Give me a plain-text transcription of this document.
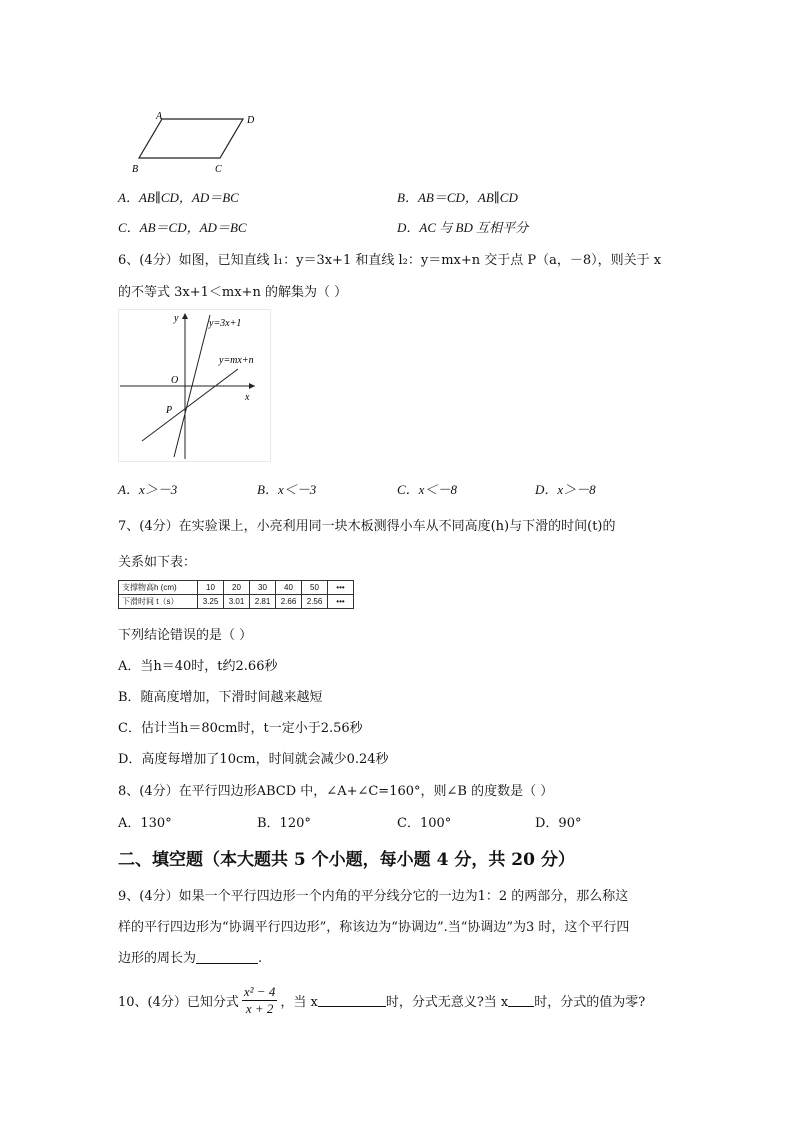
A	D
B	C
A．AB∥CD，AD＝BC	B．AB＝CD，AB∥CD
C．AB＝CD，AD＝BC	D．AC 与 BD 互相平分
6、(4分）如图，已知直线 l₁：y＝3x+1 和直线 l₂：y＝mx+n 交于点 P（a，－8），则关于 x
的不等式 3x+1＜mx+n 的解集为（ ）
y
x
O
P
y=3x+1
y=mx+n
A．x＞－3	B．x＜－3	C．x＜－8	D．x＞－8
7、(4分）在实验课上，小亮利用同一块木板测得小车从不同高度(h)与下滑的时间(t)的
关系如下表：
支撑物高h (cm)	10	20	30	40	50	•••
下滑时间 t（s）	3.25	3.01	2.81	2.66	2.56	•••
下列结论错误的是（ ）
A．当h＝40时，t约2.66秒
B．随高度增加，下滑时间越来越短
C．估计当h＝80cm时，t一定小于2.56秒
D．高度每增加了10cm，时间就会减少0.24秒
8、(4分）在平行四边形ABCD 中，∠A+∠C=160°，则∠B 的度数是（ ）
A．130°	B．120°	C．100°	D．90°
二、填空题（本大题共 5 个小题，每小题 4 分，共 20 分）
9、(4分）如果一个平行四边形一个内角的平分线分它的一边为1：2 的两部分，那么称这
样的平行四边形为“协调平行四边形”，称该边为“协调边”.当“协调边”为3 时，这个平行四
边形的周长为	.
10、(4分）已知分式 $\frac{\text{x² − 4}}{x + 2}$ ，当 x	时，分式无意义?当 x 时，分式的值为零?
